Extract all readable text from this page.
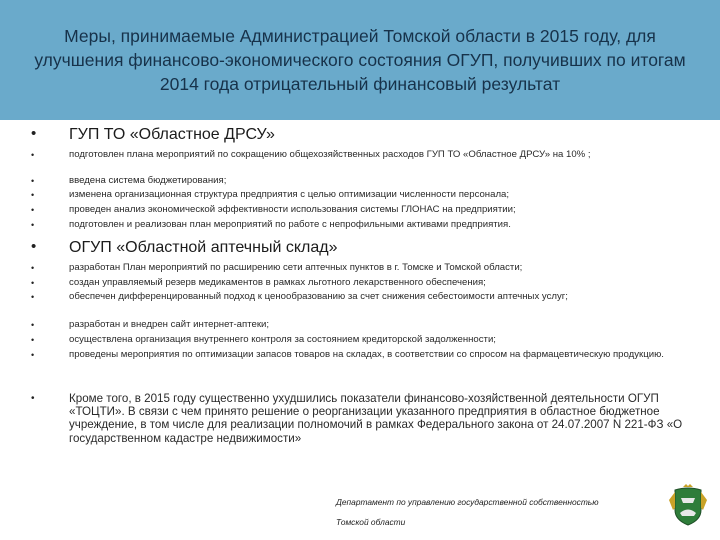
Меры, принимаемые Администрацией Томской области в 2015 году, для улучшения финансово-экономического состояния ОГУП, получивших по итогам 2014 года отрицательный финансовый результат
• ГУП ТО «Областное ДРСУ»
•	подготовлен плана мероприятий по сокращению общехозяйственных расходов ГУП ТО «Областное ДРСУ» на 10% ;
•	введена система бюджетирования;
•	изменена организационная структура предприятия с целью оптимизации численности персонала;
•	проведен анализ экономической эффективности использования системы ГЛОНАС на предприятии;
•	подготовлен и реализован план мероприятий по работе с непрофильными активами предприятия.
• ОГУП «Областной аптечный склад»
•	разработан План мероприятий по расширению сети аптечных пунктов в г. Томске и Томской области;
•	создан управляемый резерв медикаментов в рамках льготного лекарственного обеспечения;
•	обеспечен дифференцированный подход к ценообразованию за счет снижения себестоимости аптечных услуг;
•	разработан и внедрен сайт интернет-аптеки;
•	осуществлена организация внутреннего контроля за состоянием кредиторской задолженности;
•	проведены мероприятия по оптимизации запасов товаров на складах, в соответствии со спросом на фармацевтическую продукцию.
•	Кроме того, в 2015 году существенно ухудшились показатели финансово-хозяйственной деятельности ОГУП «ТОЦТИ». В связи с чем принято решение о реорганизации указанного предприятия в областное бюджетное учреждение, в том числе для реализации полномочий в рамках Федерального закона от 24.07.2007 N 221-ФЗ «О государственном кадастре недвижимости»
Департамент по управлению государственной собственностью
Томской области
